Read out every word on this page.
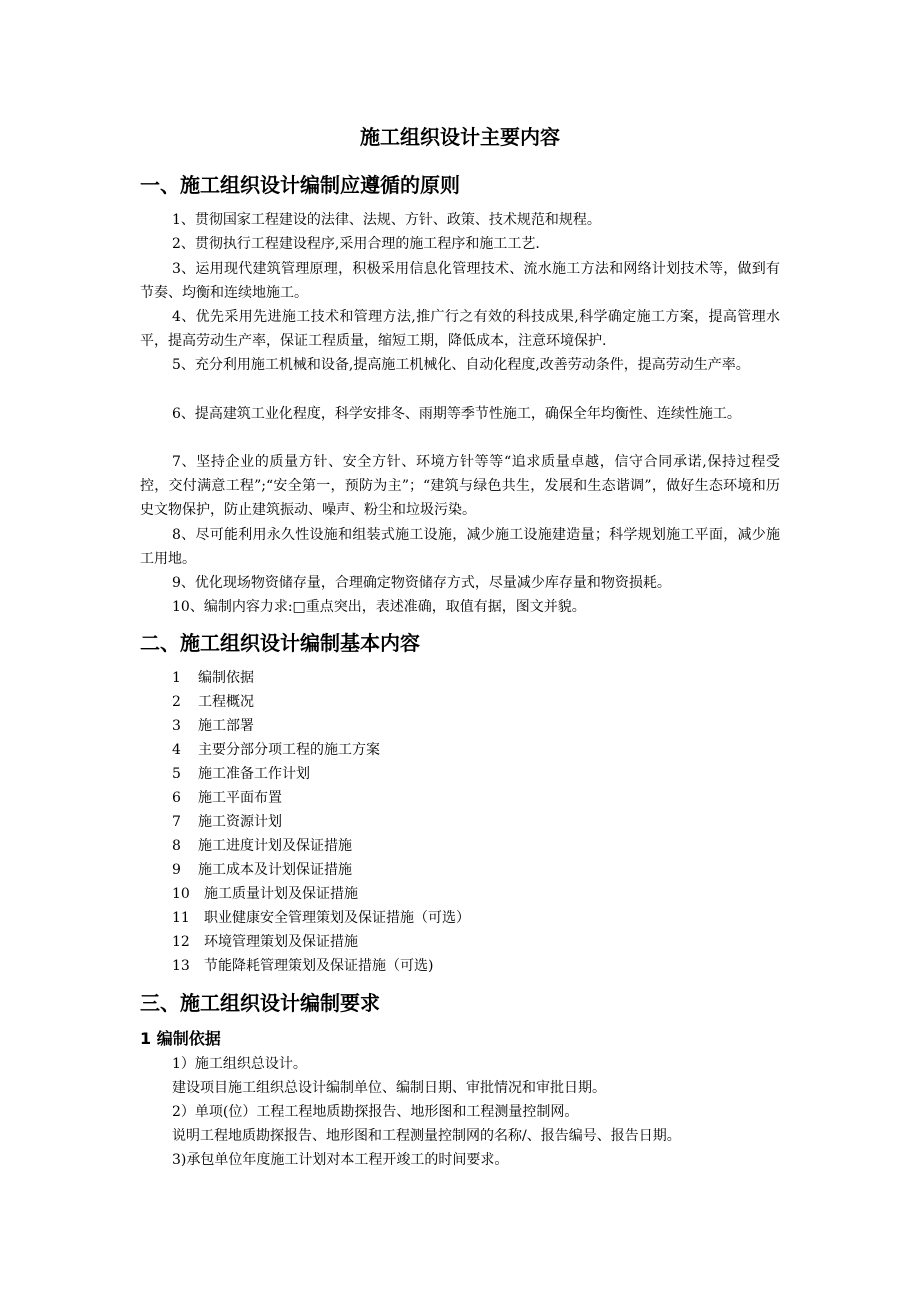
施工组织设计主要内容
一、施工组织设计编制应遵循的原则

1、贯彻国家工程建设的法律、法规、方针、政策、技术规范和规程。

2、贯彻执行工程建设程序,采用合理的施工程序和施工工艺.

3、运用现代建筑管理原理，积极采用信息化管理技术、流水施工方法和网络计划技术等，做到有节奏、均衡和连续地施工。

4、优先采用先进施工技术和管理方法,推广行之有效的科技成果,科学确定施工方案，提高管理水平，提高劳动生产率，保证工程质量，缩短工期，降低成本，注意环境保护.

5、充分利用施工机械和设备,提高施工机械化、自动化程度,改善劳动条件，提高劳动生产率。

6、提高建筑工业化程度，科学安排冬、雨期等季节性施工，确保全年均衡性、连续性施工。

7、坚持企业的质量方针、安全方针、环境方针等等“追求质量卓越，信守合同承诺,保持过程受控，交付满意工程”;“安全第一，预防为主”；“建筑与绿色共生，发展和生态谐调”，做好生态环境和历史文物保护，防止建筑振动、噪声、粉尘和垃圾污染。

8、尽可能利用永久性设施和组装式施工设施，减少施工设施建造量；科学规划施工平面，减少施工用地。

9、优化现场物资储存量，合理确定物资储存方式，尽量减少库存量和物资损耗。

10、编制内容力求:□重点突出，表述准确，取值有据，图文并貌。

二、施工组织设计编制基本内容
1 编制依据
2 工程概况
3 施工部署
4 主要分部分项工程的施工方案
5 施工准备工作计划
6 施工平面布置
7 施工资源计划
8 施工进度计划及保证措施
9 施工成本及计划保证措施
10 施工质量计划及保证措施
11 职业健康安全管理策划及保证措施（可选）
12 环境管理策划及保证措施
13 节能降耗管理策划及保证措施（可选)
三、施工组织设计编制要求
1 编制依据

1）施工组织总设计。

建设项目施工组织总设计编制单位、编制日期、审批情况和审批日期。

2）单项(位）工程工程地质勘探报告、地形图和工程测量控制网。

说明工程地质勘探报告、地形图和工程测量控制网的名称/、报告编号、报告日期。

3)承包单位年度施工计划对本工程开竣工的时间要求。
